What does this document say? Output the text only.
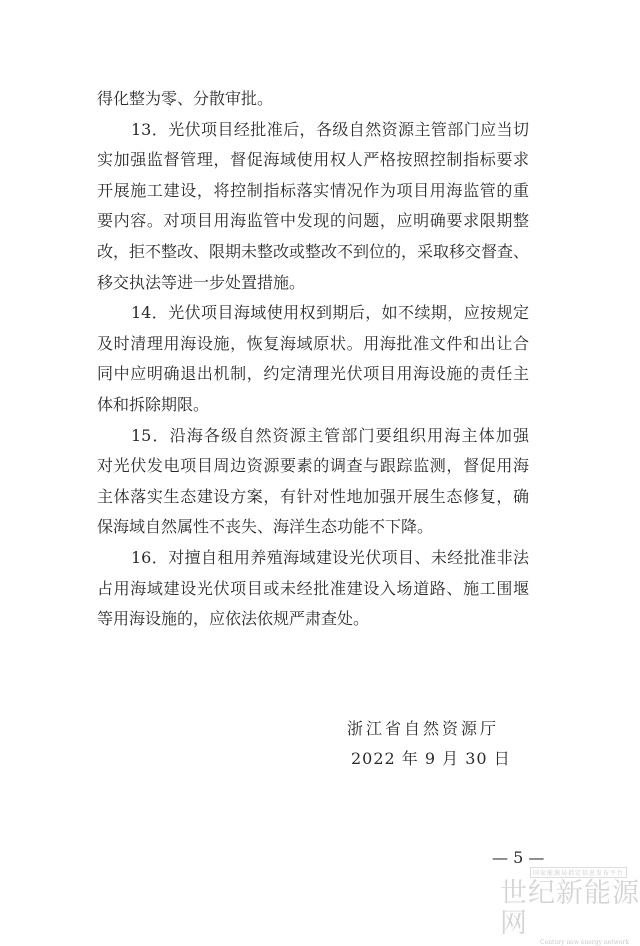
得化整为零、分散审批。
13．光伏项目经批准后，各级自然资源主管部门应当切
实加强监督管理，督促海域使用权人严格按照控制指标要求
开展施工建设，将控制指标落实情况作为项目用海监管的重
要内容。对项目用海监管中发现的问题，应明确要求限期整
改，拒不整改、限期未整改或整改不到位的，采取移交督查、
移交执法等进一步处置措施。
14．光伏项目海域使用权到期后，如不续期，应按规定
及时清理用海设施，恢复海域原状。用海批准文件和出让合
同中应明确退出机制，约定清理光伏项目用海设施的责任主
体和拆除期限。
15．沿海各级自然资源主管部门要组织用海主体加强
对光伏发电项目周边资源要素的调查与跟踪监测，督促用海
主体落实生态建设方案，有针对性地加强开展生态修复，确
保海域自然属性不丧失、海洋生态功能不下降。
16．对擅自租用养殖海域建设光伏项目、未经批准非法
占用海域建设光伏项目或未经批准建设入场道路、施工围堰
等用海设施的，应依法依规严肃查处。
浙江省自然资源厅
2022 年 9 月 30 日
— 5 —
国家能源局指定信息发布平台
世纪新能源网
Century new energy network
